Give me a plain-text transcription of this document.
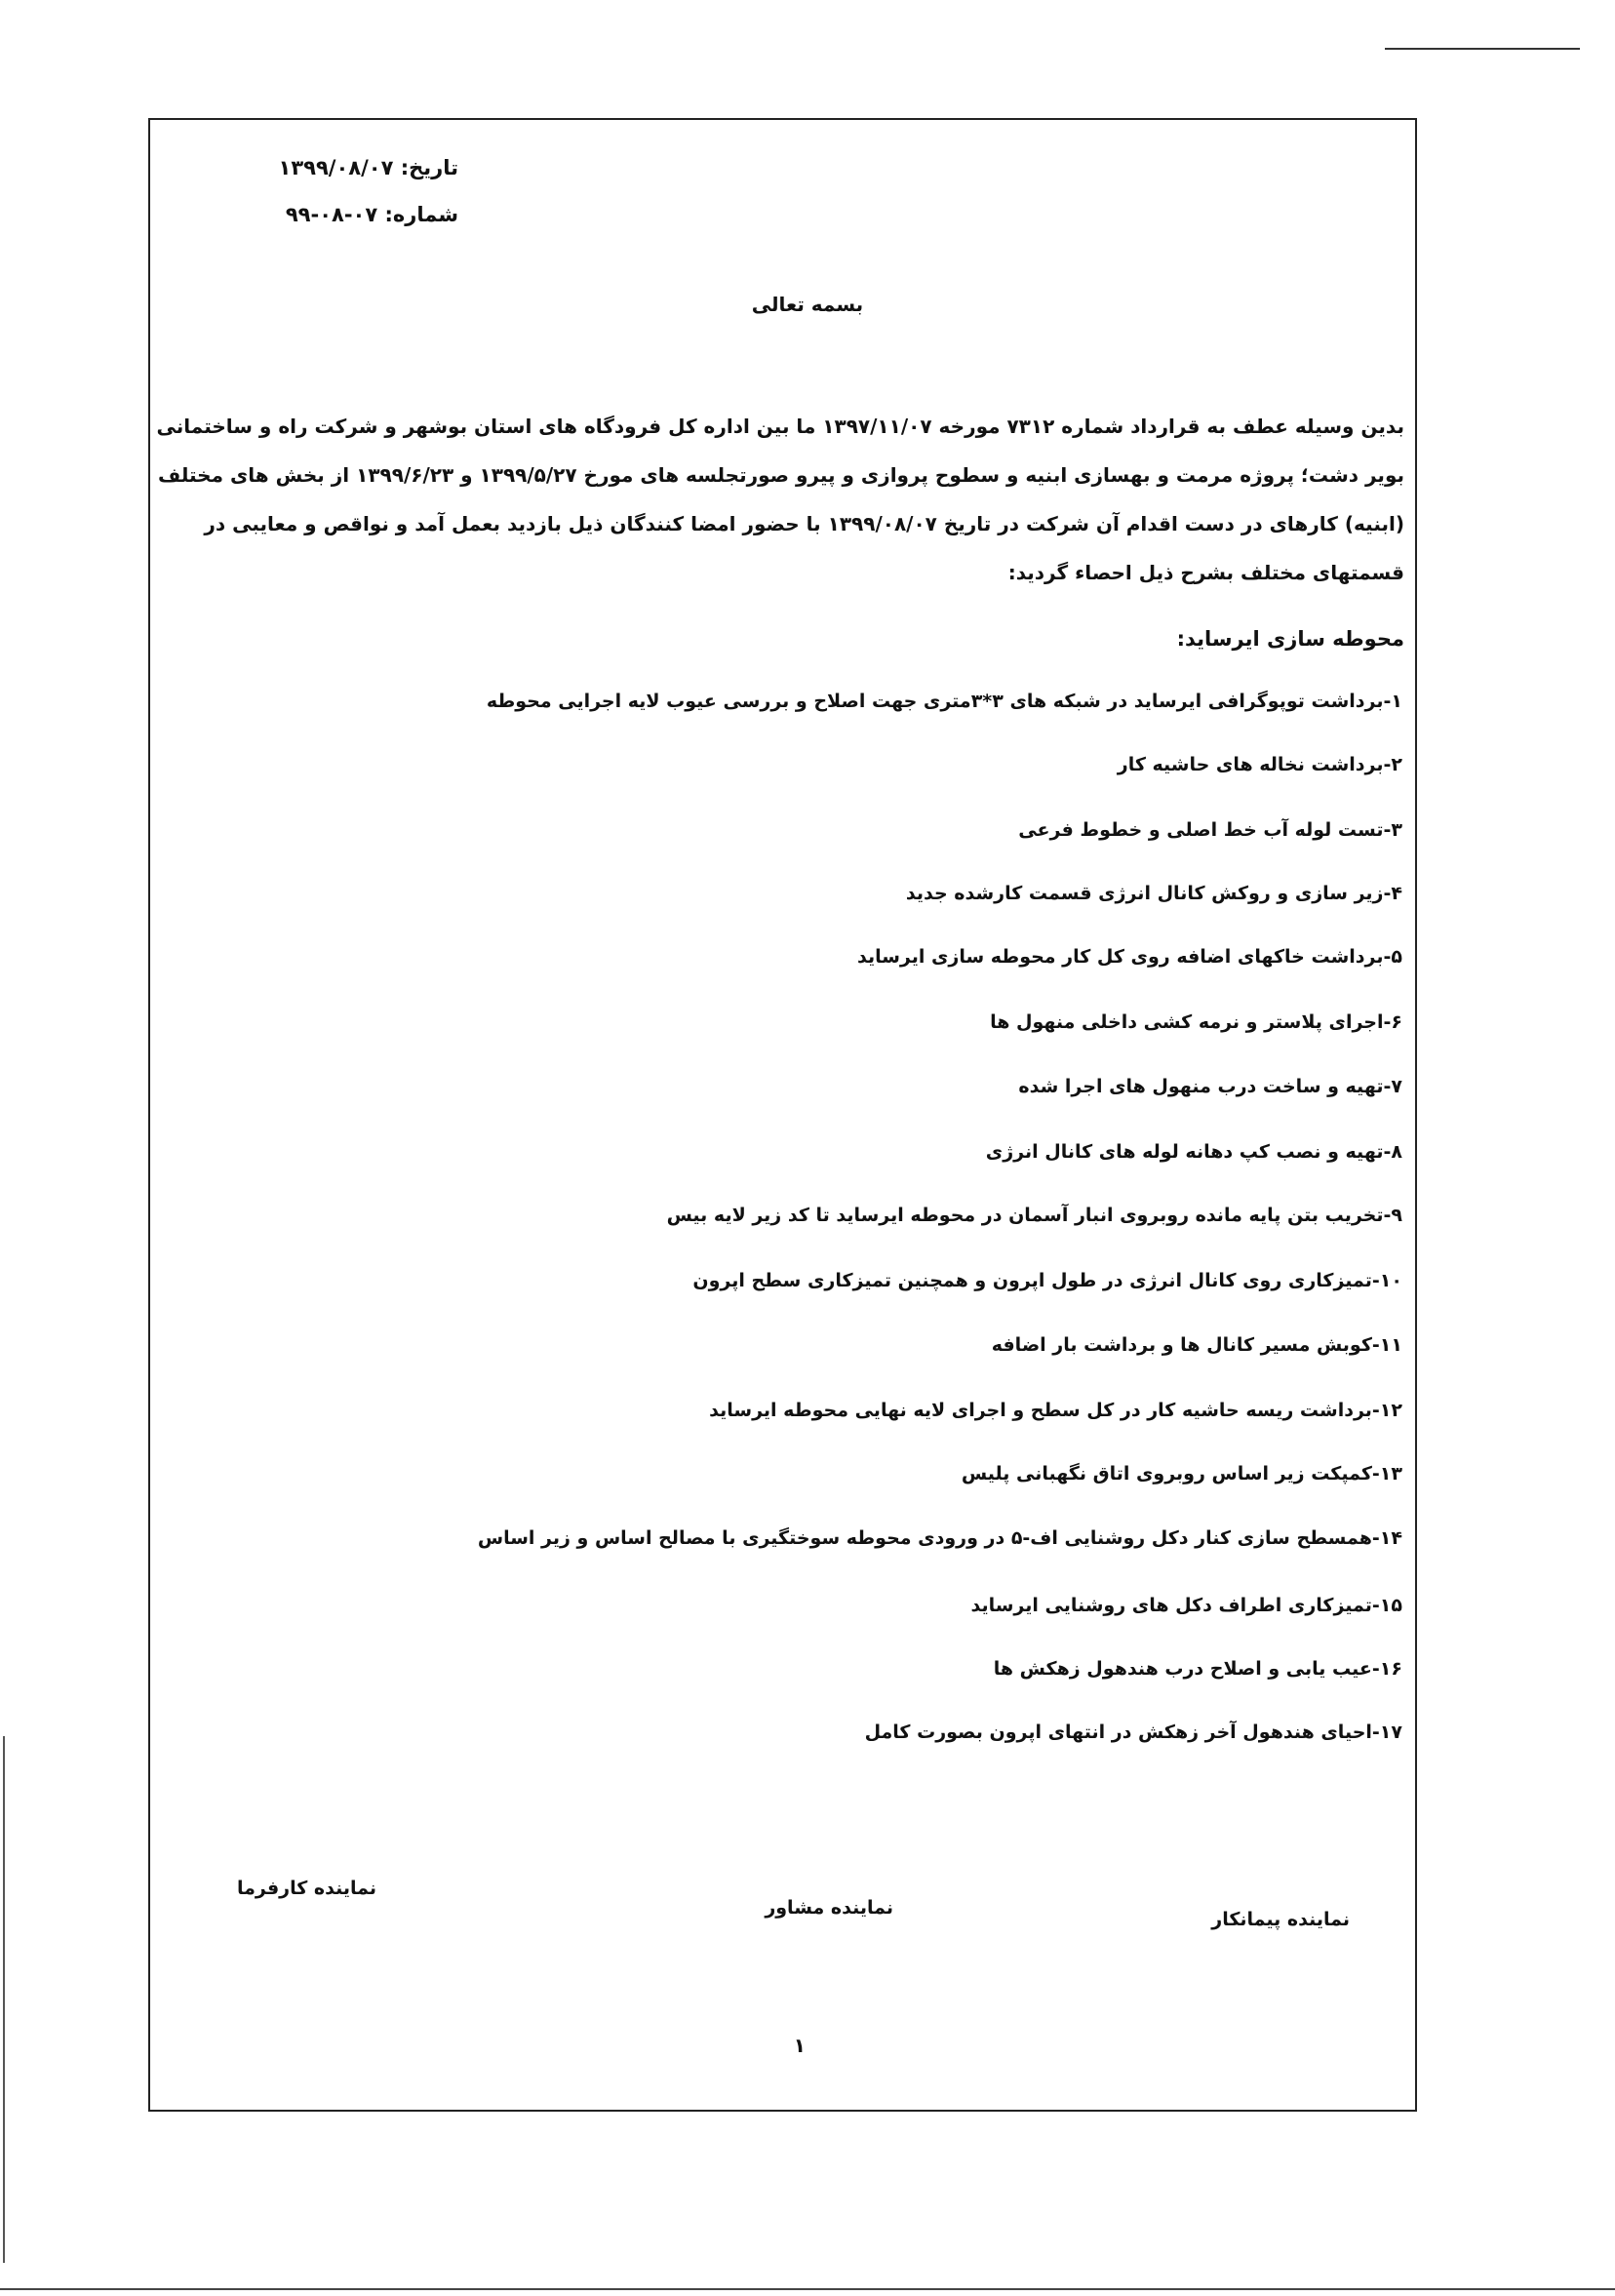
تاریخ: ۱۳۹۹/۰۸/۰۷
شماره: ۰۷-۰۸-۹۹
بسمه تعالی
بدین وسیله عطف به قرارداد شماره ۷۳۱۲ مورخه ۱۳۹۷/۱۱/۰۷ ما بین اداره کل فرودگاه های استان بوشهر و شرکت راه و ساختمانی
بویر دشت؛ پروژه مرمت و بهسازی ابنیه و سطوح پروازی و پیرو صورتجلسه های مورخ ۱۳۹۹/۵/۲۷ و ۱۳۹۹/۶/۲۳ از بخش های مختلف
(ابنیه) کارهای در دست اقدام آن شرکت در تاریخ ۱۳۹۹/۰۸/۰۷ با حضور امضا کنندگان ذیل بازدید بعمل آمد و نواقص و معایبی در
قسمتهای مختلف بشرح ذیل احصاء گردید:
محوطه سازی ایرساید:
۱-برداشت توپوگرافی ایرساید در شبکه های ۳*۳متری جهت اصلاح و بررسی عیوب لایه اجرایی محوطه
۲-برداشت نخاله های حاشیه کار
۳-تست لوله آب خط اصلی و خطوط فرعی
۴-زیر سازی و روکش کانال انرژی قسمت کارشده جدید
۵-برداشت خاکهای اضافه روی کل کار محوطه سازی ایرساید
۶-اجرای پلاستر و نرمه کشی داخلی منهول ها
۷-تهیه و ساخت درب منهول های اجرا شده
۸-تهیه و نصب کپ دهانه لوله های کانال انرژی
۹-تخریب بتن پایه مانده روبروی انبار آسمان در محوطه ایرساید تا کد زیر لایه بیس
۱۰-تمیزکاری روی کانال انرژی در طول اپرون و همچنین تمیزکاری سطح اپرون
۱۱-کوبش مسیر کانال ها و برداشت بار اضافه
۱۲-برداشت ریسه حاشیه کار در کل سطح و اجرای لایه نهایی محوطه ایرساید
۱۳-کمپکت زیر اساس روبروی اتاق نگهبانی پلیس
۱۴-همسطح سازی کنار دکل روشنایی اف-۵ در ورودی محوطه سوختگیری با مصالح اساس و زیر اساس
۱۵-تمیزکاری اطراف دکل های روشنایی ایرساید
۱۶-عیب یابی و اصلاح درب هندهول زهکش ها
۱۷-احیای هندهول آخر زهکش در انتهای اپرون بصورت کامل
نماینده کارفرما
نماینده مشاور
نماینده پیمانکار
۱
